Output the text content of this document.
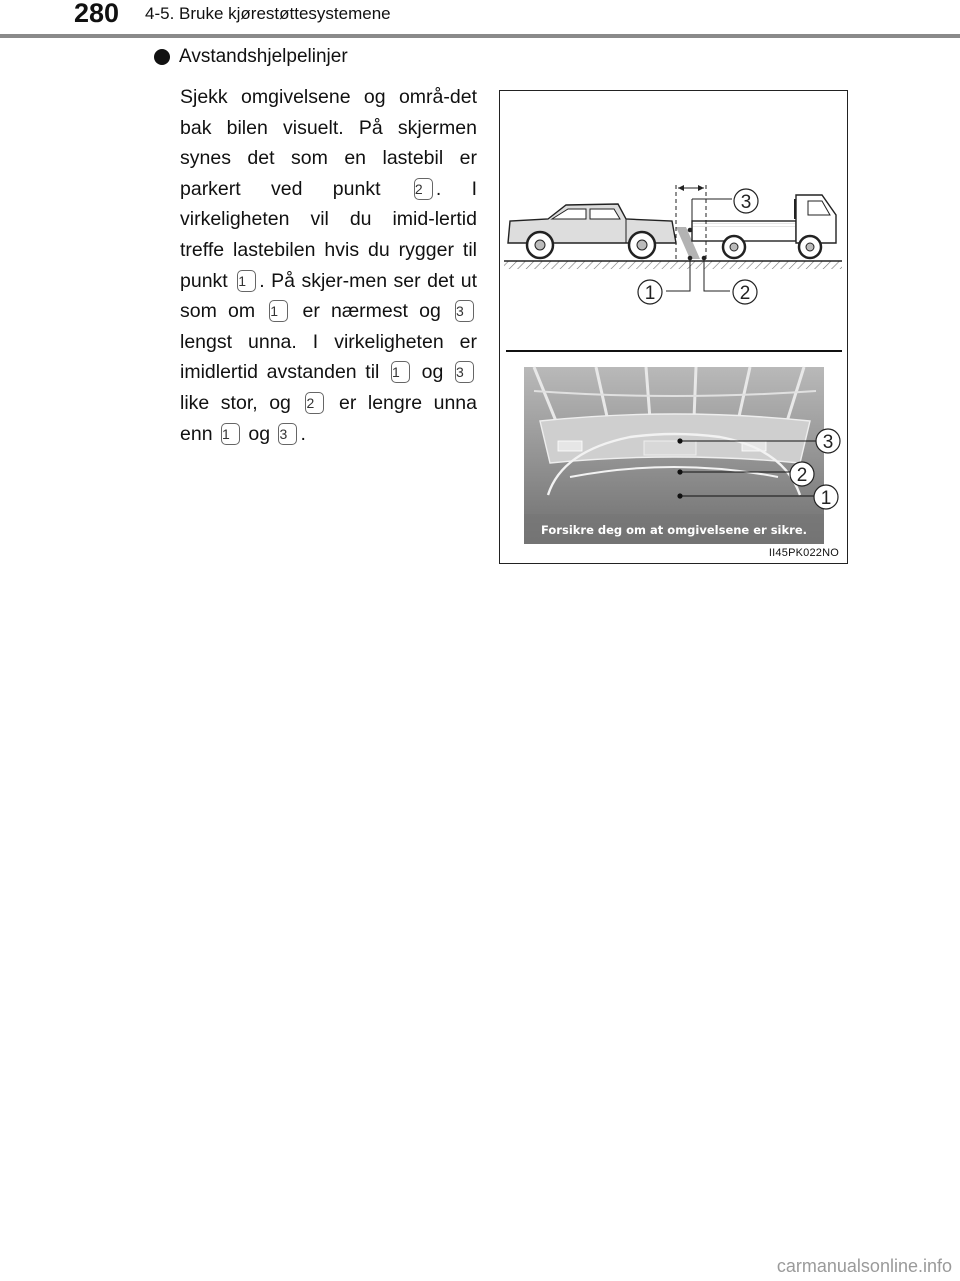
280 4-5. Bruke kjørestøttesystemene
Avstandshjelpelinjer
Sjekk omgivelsene og områ-det bak bilen visuelt. På skjermen synes det som en lastebil er parkert ved punkt 2 . I virkeligheten vil du imid-lertid treffe lastebilen hvis du rygger til punkt 1 . På skjer-men ser det ut som om 1 er nærmest og 3 lengst unna. I virkeligheten er imidlertid avstanden til 1 og 3 like stor, og 2 er lengre unna enn 1 og 3 .
3
1	2
Forsikre deg om at omgivelsene er sikre.
3
2
1
II45PK022NO
carmanualsonline.info
